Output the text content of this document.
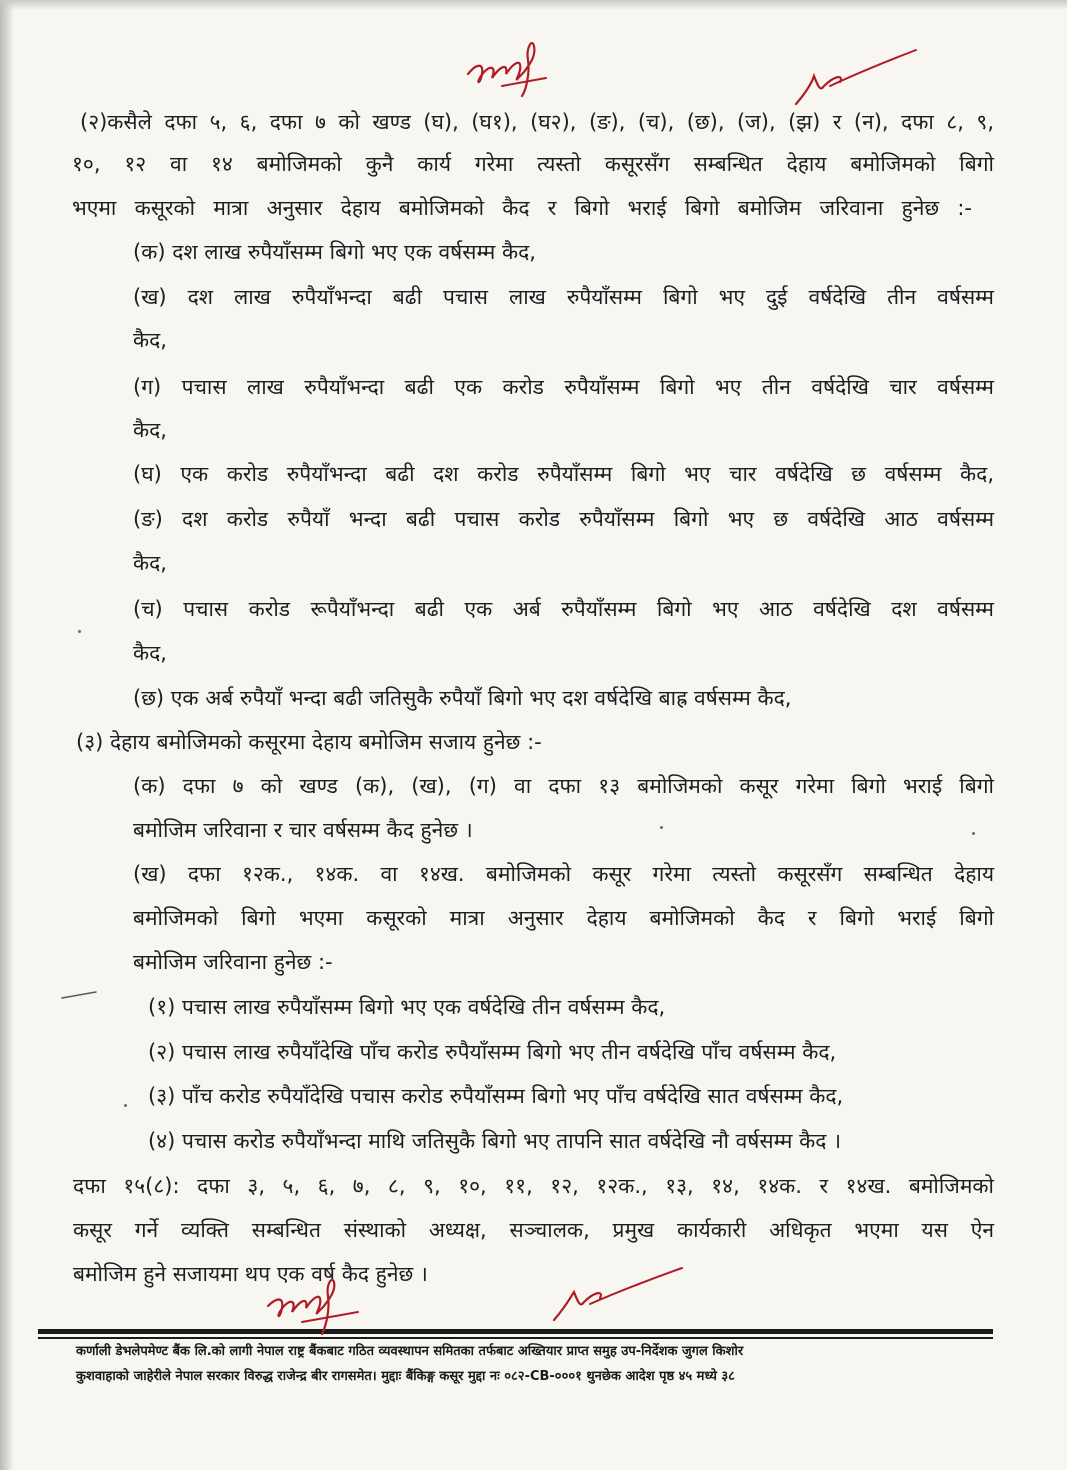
(२)कसैले दफा ५, ६, दफा ७ को खण्ड (घ), (घ१), (घ२), (ङ), (च), (छ), (ज), (झ) र (न), दफा ८, ९,

१०, १२ वा १४ बमोजिमको कुनै कार्य गरेमा त्यस्तो कसूरसँग सम्बन्धित देहाय बमोजिमको बिगो

भएमा कसूरको मात्रा अनुसार देहाय बमोजिमको कैद र बिगो भराई बिगो बमोजिम जरिवाना हुनेछ :-

(क) दश लाख रुपैयाँसम्म बिगो भए एक वर्षसम्म कैद,

(ख) दश लाख रुपैयाँभन्दा बढी पचास लाख रुपैयाँसम्म बिगो भए दुई वर्षदेखि तीन वर्षसम्म

कैद,

(ग) पचास लाख रुपैयाँभन्दा बढी एक करोड रुपैयाँसम्म बिगो भए तीन वर्षदेखि चार वर्षसम्म

कैद,

(घ) एक करोड रुपैयाँभन्दा बढी दश करोड रुपैयाँसम्म बिगो भए चार वर्षदेखि छ वर्षसम्म कैद,

(ङ) दश करोड रुपैयाँ भन्दा बढी पचास करोड रुपैयाँसम्म बिगो भए छ वर्षदेखि आठ वर्षसम्म

कैद,

(च) पचास करोड रूपैयाँभन्दा बढी एक अर्ब रुपैयाँसम्म बिगो भए आठ वर्षदेखि दश वर्षसम्म

कैद,

(छ) एक अर्ब रुपैयाँ भन्दा बढी जतिसुकै रुपैयाँ बिगो भए दश वर्षदेखि बाह्र वर्षसम्म कैद,

(३) देहाय बमोजिमको कसूरमा देहाय बमोजिम सजाय हुनेछ :-

(क) दफा ७ को खण्ड (क), (ख), (ग) वा दफा १३ बमोजिमको कसूर गरेमा बिगो भराई बिगो

बमोजिम जरिवाना र चार वर्षसम्म कैद हुनेछ ।

(ख) दफा १२क., १४क. वा १४ख. बमोजिमको कसूर गरेमा त्यस्तो कसूरसँग सम्बन्धित देहाय

बमोजिमको बिगो भएमा कसूरको मात्रा अनुसार देहाय बमोजिमको कैद र बिगो भराई बिगो

बमोजिम जरिवाना हुनेछ :-

(१) पचास लाख रुपैयाँसम्म बिगो भए एक वर्षदेखि तीन वर्षसम्म कैद,

(२) पचास लाख रुपैयाँदेखि पाँच करोड रुपैयाँसम्म बिगो भए तीन वर्षदेखि पाँच वर्षसम्म कैद,

(३) पाँच करोड रुपैयाँदेखि पचास करोड रुपैयाँसम्म बिगो भए पाँच वर्षदेखि सात वर्षसम्म कैद,

(४) पचास करोड रुपैयाँभन्दा माथि जतिसुकै बिगो भए तापनि सात वर्षदेखि नौ वर्षसम्म कैद ।

दफा १५(८): दफा ३, ५, ६, ७, ८, ९, १०, ११, १२, १२क., १३, १४, १४क. र १४ख. बमोजिमको

कसूर गर्ने व्यक्ति सम्बन्धित संस्थाको अध्यक्ष, सञ्चालक, प्रमुख कार्यकारी अधिकृत भएमा यस ऐन

बमोजिम हुने सजायमा थप एक वर्ष कैद हुनेछ ।

कर्णाली डेभलेपमेण्ट बैंक लि.को लागी नेपाल राष्ट्र बैंकबाट गठित व्यवस्थापन समितका तर्फबाट अख्तियार प्राप्त समुह उप-निर्देशक जुगल किशोर
कुशवाहाको जाहेरीले नेपाल सरकार विरुद्ध राजेन्द्र बीर रागसमेत। मुद्दाः बैंकिङ्ग कसूर मुद्दा नः ०८२-CB-०००१ थुनछेक आदेश पृष्ठ ४५ मध्ये ३८
